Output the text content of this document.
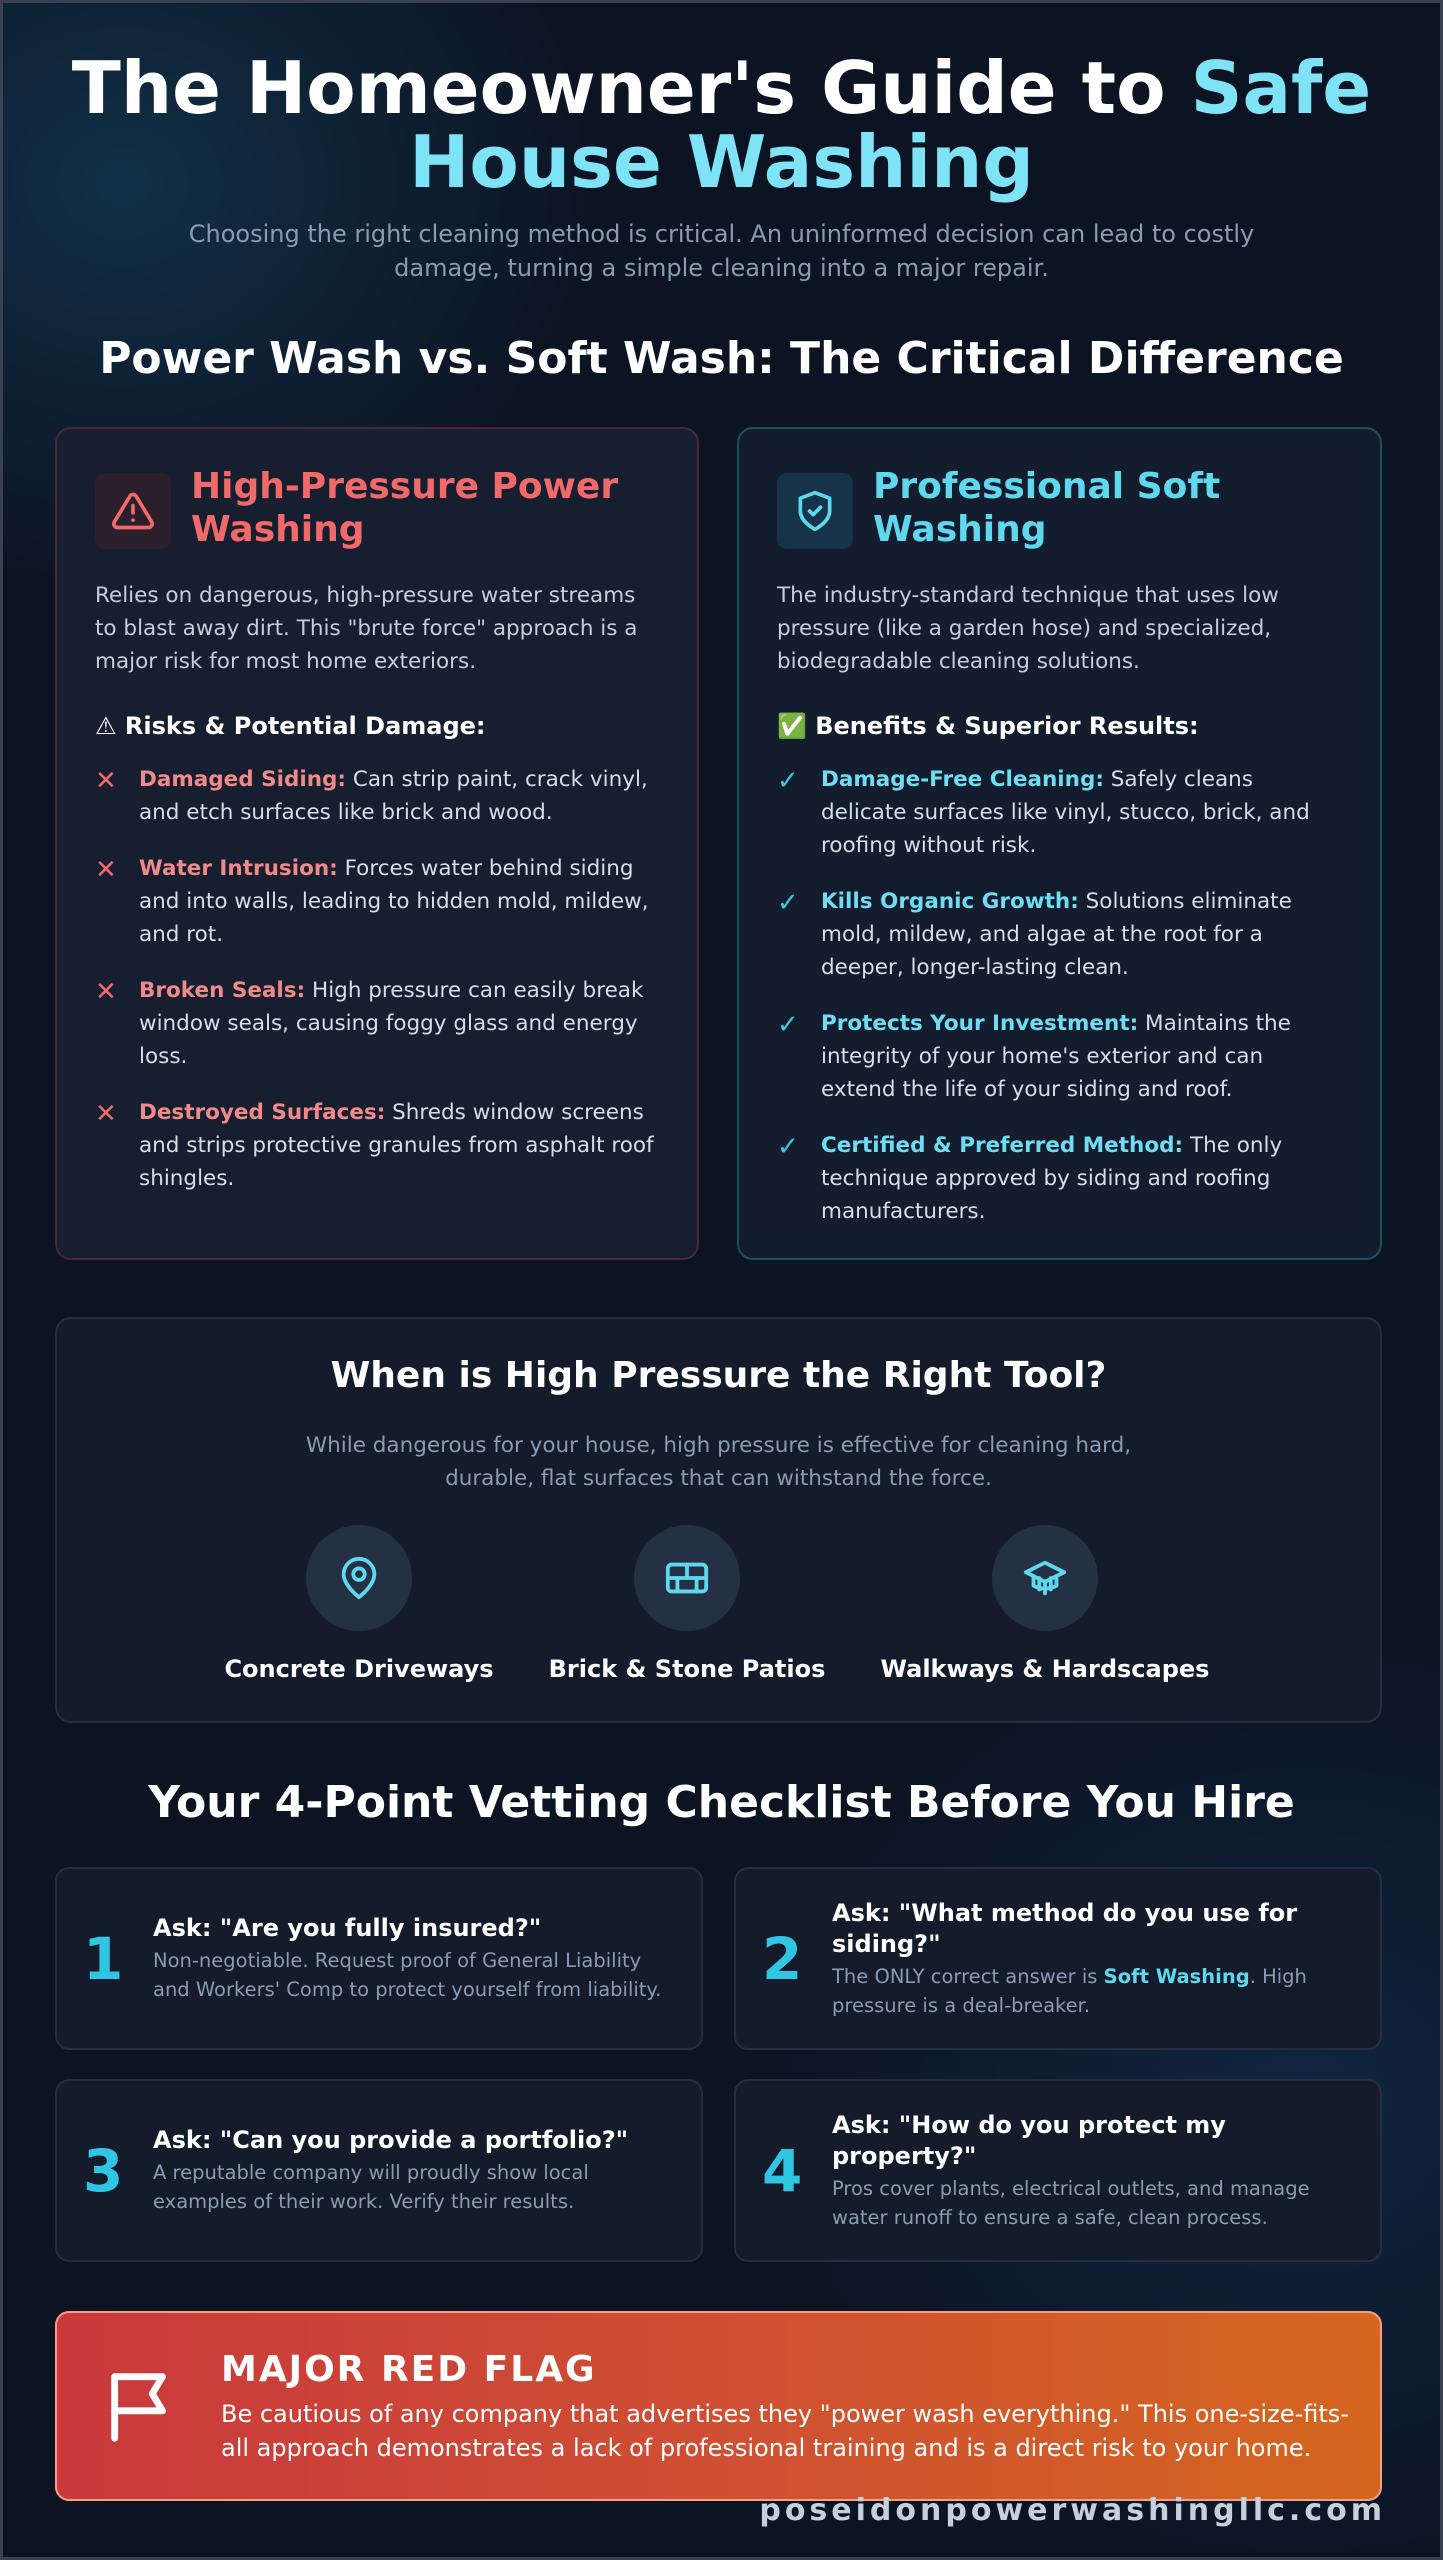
The Homeowner's Guide to Safe
House Washing

Choosing the right cleaning method is critical. An uninformed decision can lead to costly damage, turning a simple cleaning into a major repair.

Power Wash vs. Soft Wash: The Critical Difference
High-Pressure Power Washing

Relies on dangerous, high-pressure water streams to blast away dirt. This "brute force" approach is a major risk for most home exteriors.

⚠ Risks & Potential Damage:
✕	Damaged Siding: Can strip paint, crack vinyl, and etch surfaces like brick and wood.
✕	Water Intrusion: Forces water behind siding and into walls, leading to hidden mold, mildew, and rot.
✕	Broken Seals: High pressure can easily break window seals, causing foggy glass and energy loss.
✕	Destroyed Surfaces: Shreds window screens and strips protective granules from asphalt roof shingles.
Professional Soft Washing

The industry-standard technique that uses low pressure (like a garden hose) and specialized, biodegradable cleaning solutions.

✅ Benefits & Superior Results:
✓	Damage-Free Cleaning: Safely cleans delicate surfaces like vinyl, stucco, brick, and roofing without risk.
✓	Kills Organic Growth: Solutions eliminate mold, mildew, and algae at the root for a deeper, longer-lasting clean.
✓	Protects Your Investment: Maintains the integrity of your home's exterior and can extend the life of your siding and roof.
✓	Certified & Preferred Method: The only technique approved by siding and roofing manufacturers.
When is High Pressure the Right Tool?

While dangerous for your house, high pressure is effective for cleaning hard, durable, flat surfaces that can withstand the force.

Concrete Driveways	Brick & Stone Patios	Walkways & Hardscapes
Your 4-Point Vetting Checklist Before You Hire
1	Ask: "Are you fully insured?"
Non-negotiable. Request proof of General Liability and Workers' Comp to protect yourself from liability. 2
Ask: "What method do you use for siding?"
The ONLY correct answer is Soft Washing. High pressure is a deal-breaker.
3	Ask: "Can you provide a portfolio?"
A reputable company will proudly show local examples of their work. Verify their results.	4
Ask: "How do you protect my property?"
Pros cover plants, electrical outlets, and manage water runoff to ensure a safe, clean process.
MAJOR RED FLAG

Be cautious of any company that advertises they "power wash everything." This one-size-fits-all approach demonstrates a lack of professional training and is a direct risk to your home.

poseidonpowerwashingllc.com
